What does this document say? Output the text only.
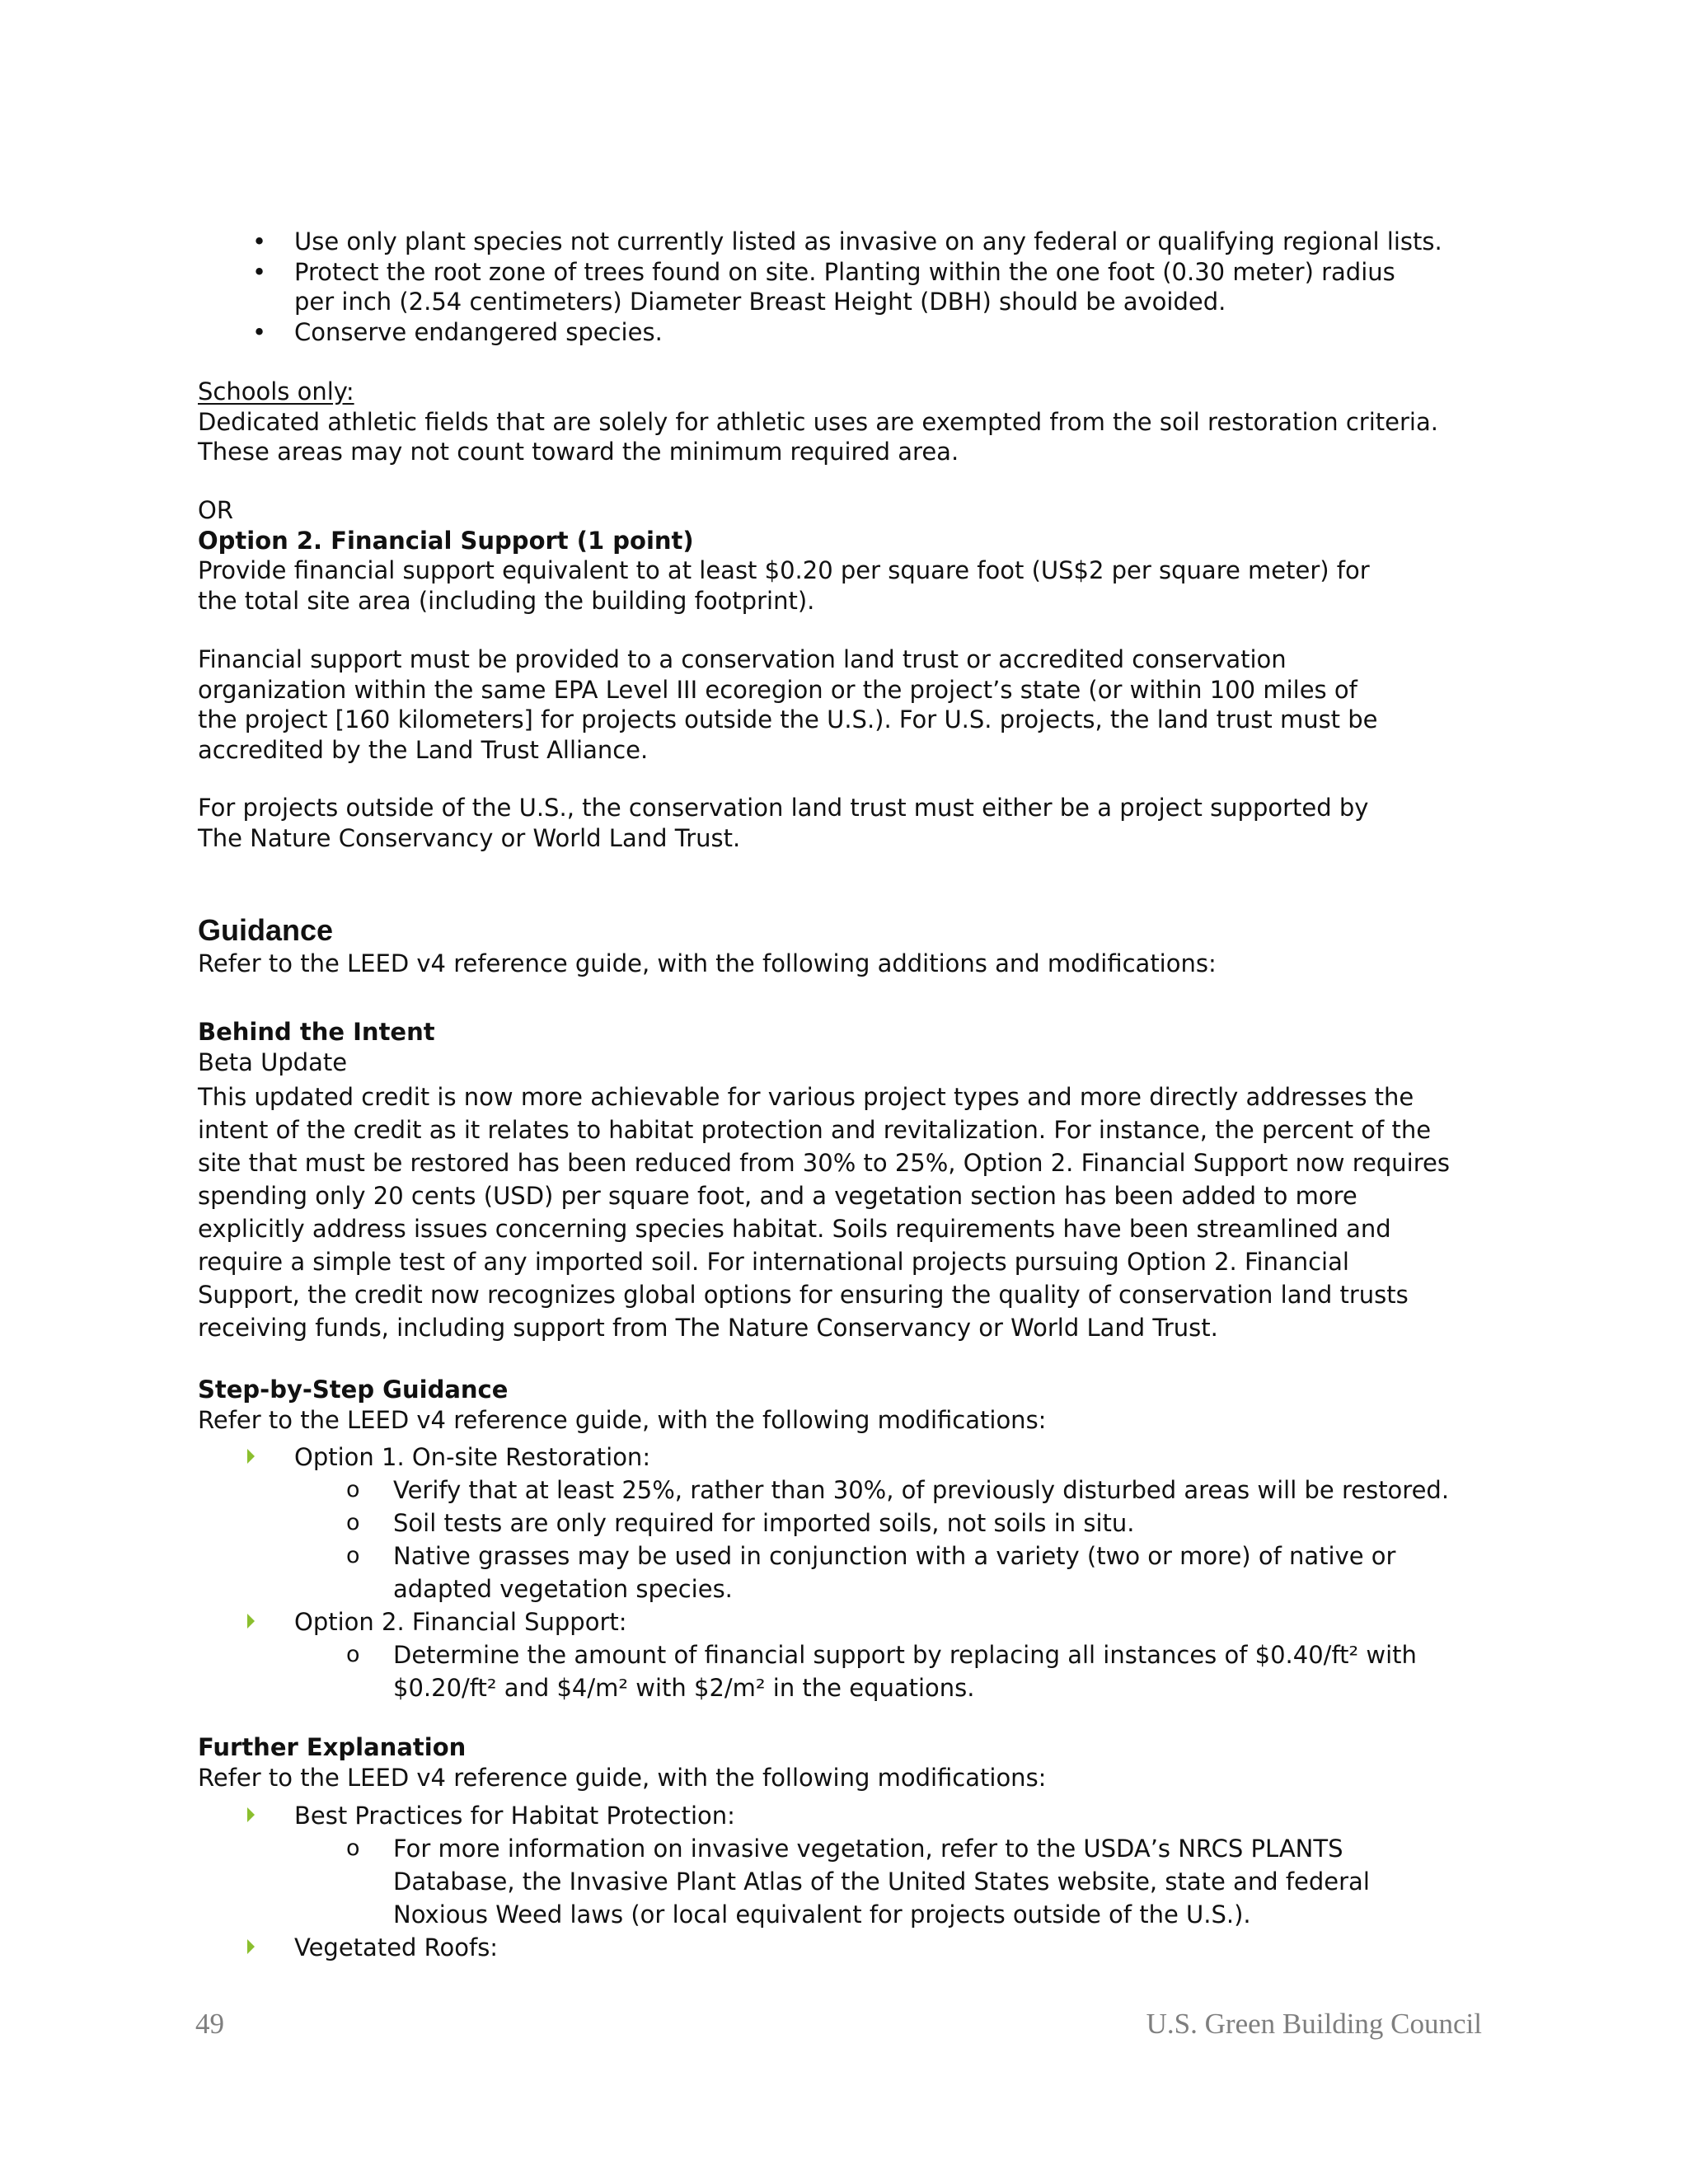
• Use only plant species not currently listed as invasive on any federal or qualifying regional lists.
• Protect the root zone of trees found on site. Planting within the one foot (0.30 meter) radius
per inch (2.54 centimeters) Diameter Breast Height (DBH) should be avoided.
• Conserve endangered species.

Schools only:

Dedicated athletic fields that are solely for athletic uses are exempted from the soil restoration criteria.

These areas may not count toward the minimum required area.

OR

Option 2. Financial Support (1 point)

Provide financial support equivalent to at least $0.20 per square foot (US$2 per square meter) for

the total site area (including the building footprint).

Financial support must be provided to a conservation land trust or accredited conservation

organization within the same EPA Level III ecoregion or the project’s state (or within 100 miles of

the project [160 kilometers] for projects outside the U.S.). For U.S. projects, the land trust must be

accredited by the Land Trust Alliance.

For projects outside of the U.S., the conservation land trust must either be a project supported by

The Nature Conservancy or World Land Trust.

Guidance

Refer to the LEED v4 reference guide, with the following additions and modifications:

Behind the Intent

Beta Update

This updated credit is now more achievable for various project types and more directly addresses the

intent of the credit as it relates to habitat protection and revitalization. For instance, the percent of the

site that must be restored has been reduced from 30% to 25%, Option 2. Financial Support now requires

spending only 20 cents (USD) per square foot, and a vegetation section has been added to more

explicitly address issues concerning species habitat. Soils requirements have been streamlined and

require a simple test of any imported soil. For international projects pursuing Option 2. Financial

Support, the credit now recognizes global options for ensuring the quality of conservation land trusts

receiving funds, including support from The Nature Conservancy or World Land Trust.

Step-by-Step Guidance

Refer to the LEED v4 reference guide, with the following modifications:

Option 1. On-site Restoration:
o Verify that at least 25%, rather than 30%, of previously disturbed areas will be restored.
o Soil tests are only required for imported soils, not soils in situ.
o Native grasses may be used in conjunction with a variety (two or more) of native or
adapted vegetation species.
Option 2. Financial Support:
o Determine the amount of financial support by replacing all instances of $0.40/ft² with
$0.20/ft² and $4/m² with $2/m² in the equations.

Further Explanation

Refer to the LEED v4 reference guide, with the following modifications:

Best Practices for Habitat Protection:
o For more information on invasive vegetation, refer to the USDA’s NRCS PLANTS
Database, the Invasive Plant Atlas of the United States website, state and federal
Noxious Weed laws (or local equivalent for projects outside of the U.S.).
Vegetated Roofs:
49	U.S. Green Building Council
